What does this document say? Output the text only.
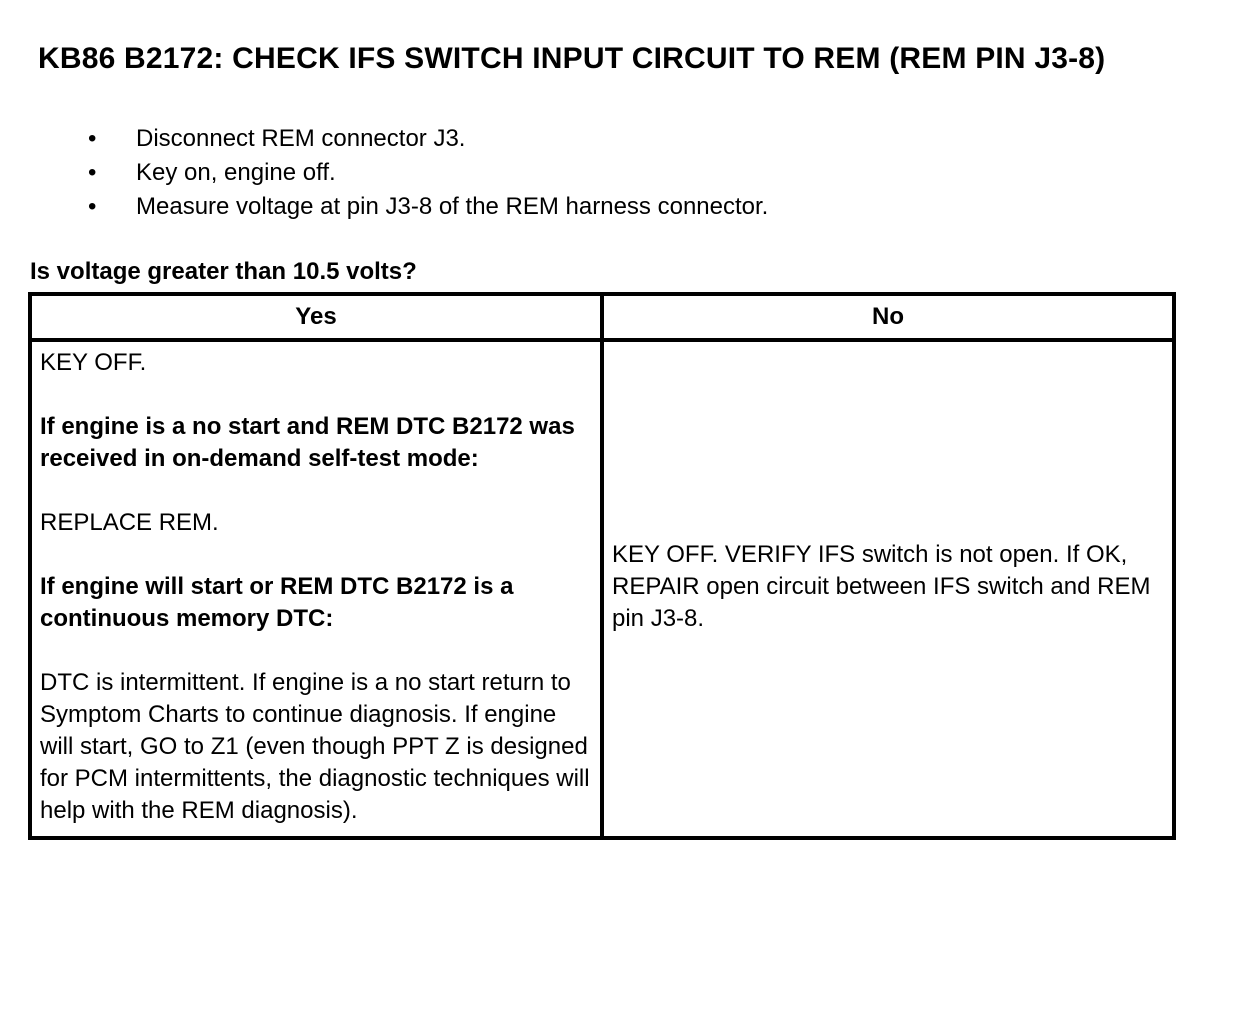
KB86 B2172: CHECK IFS SWITCH INPUT CIRCUIT TO REM (REM PIN J3-8)
• Disconnect REM connector J3.
• Key on, engine off.
• Measure voltage at pin J3-8 of the REM harness connector.
Is voltage greater than 10.5 volts?
Yes	No

KEY OFF.

If engine is a no start and REM DTC B2172 was received in on-demand self-test mode:

REPLACE REM.

If engine will start or REM DTC B2172 is a continuous memory DTC:

DTC is intermittent. If engine is a no start return to Symptom Charts to continue diagnosis. If engine will start, GO to Z1 (even though PPT Z is designed for PCM intermittents, the diagnostic techniques will help with the REM diagnosis).	KEY OFF. VERIFY IFS switch is not open. If OK, REPAIR open circuit between IFS switch and REM pin J3-8.
